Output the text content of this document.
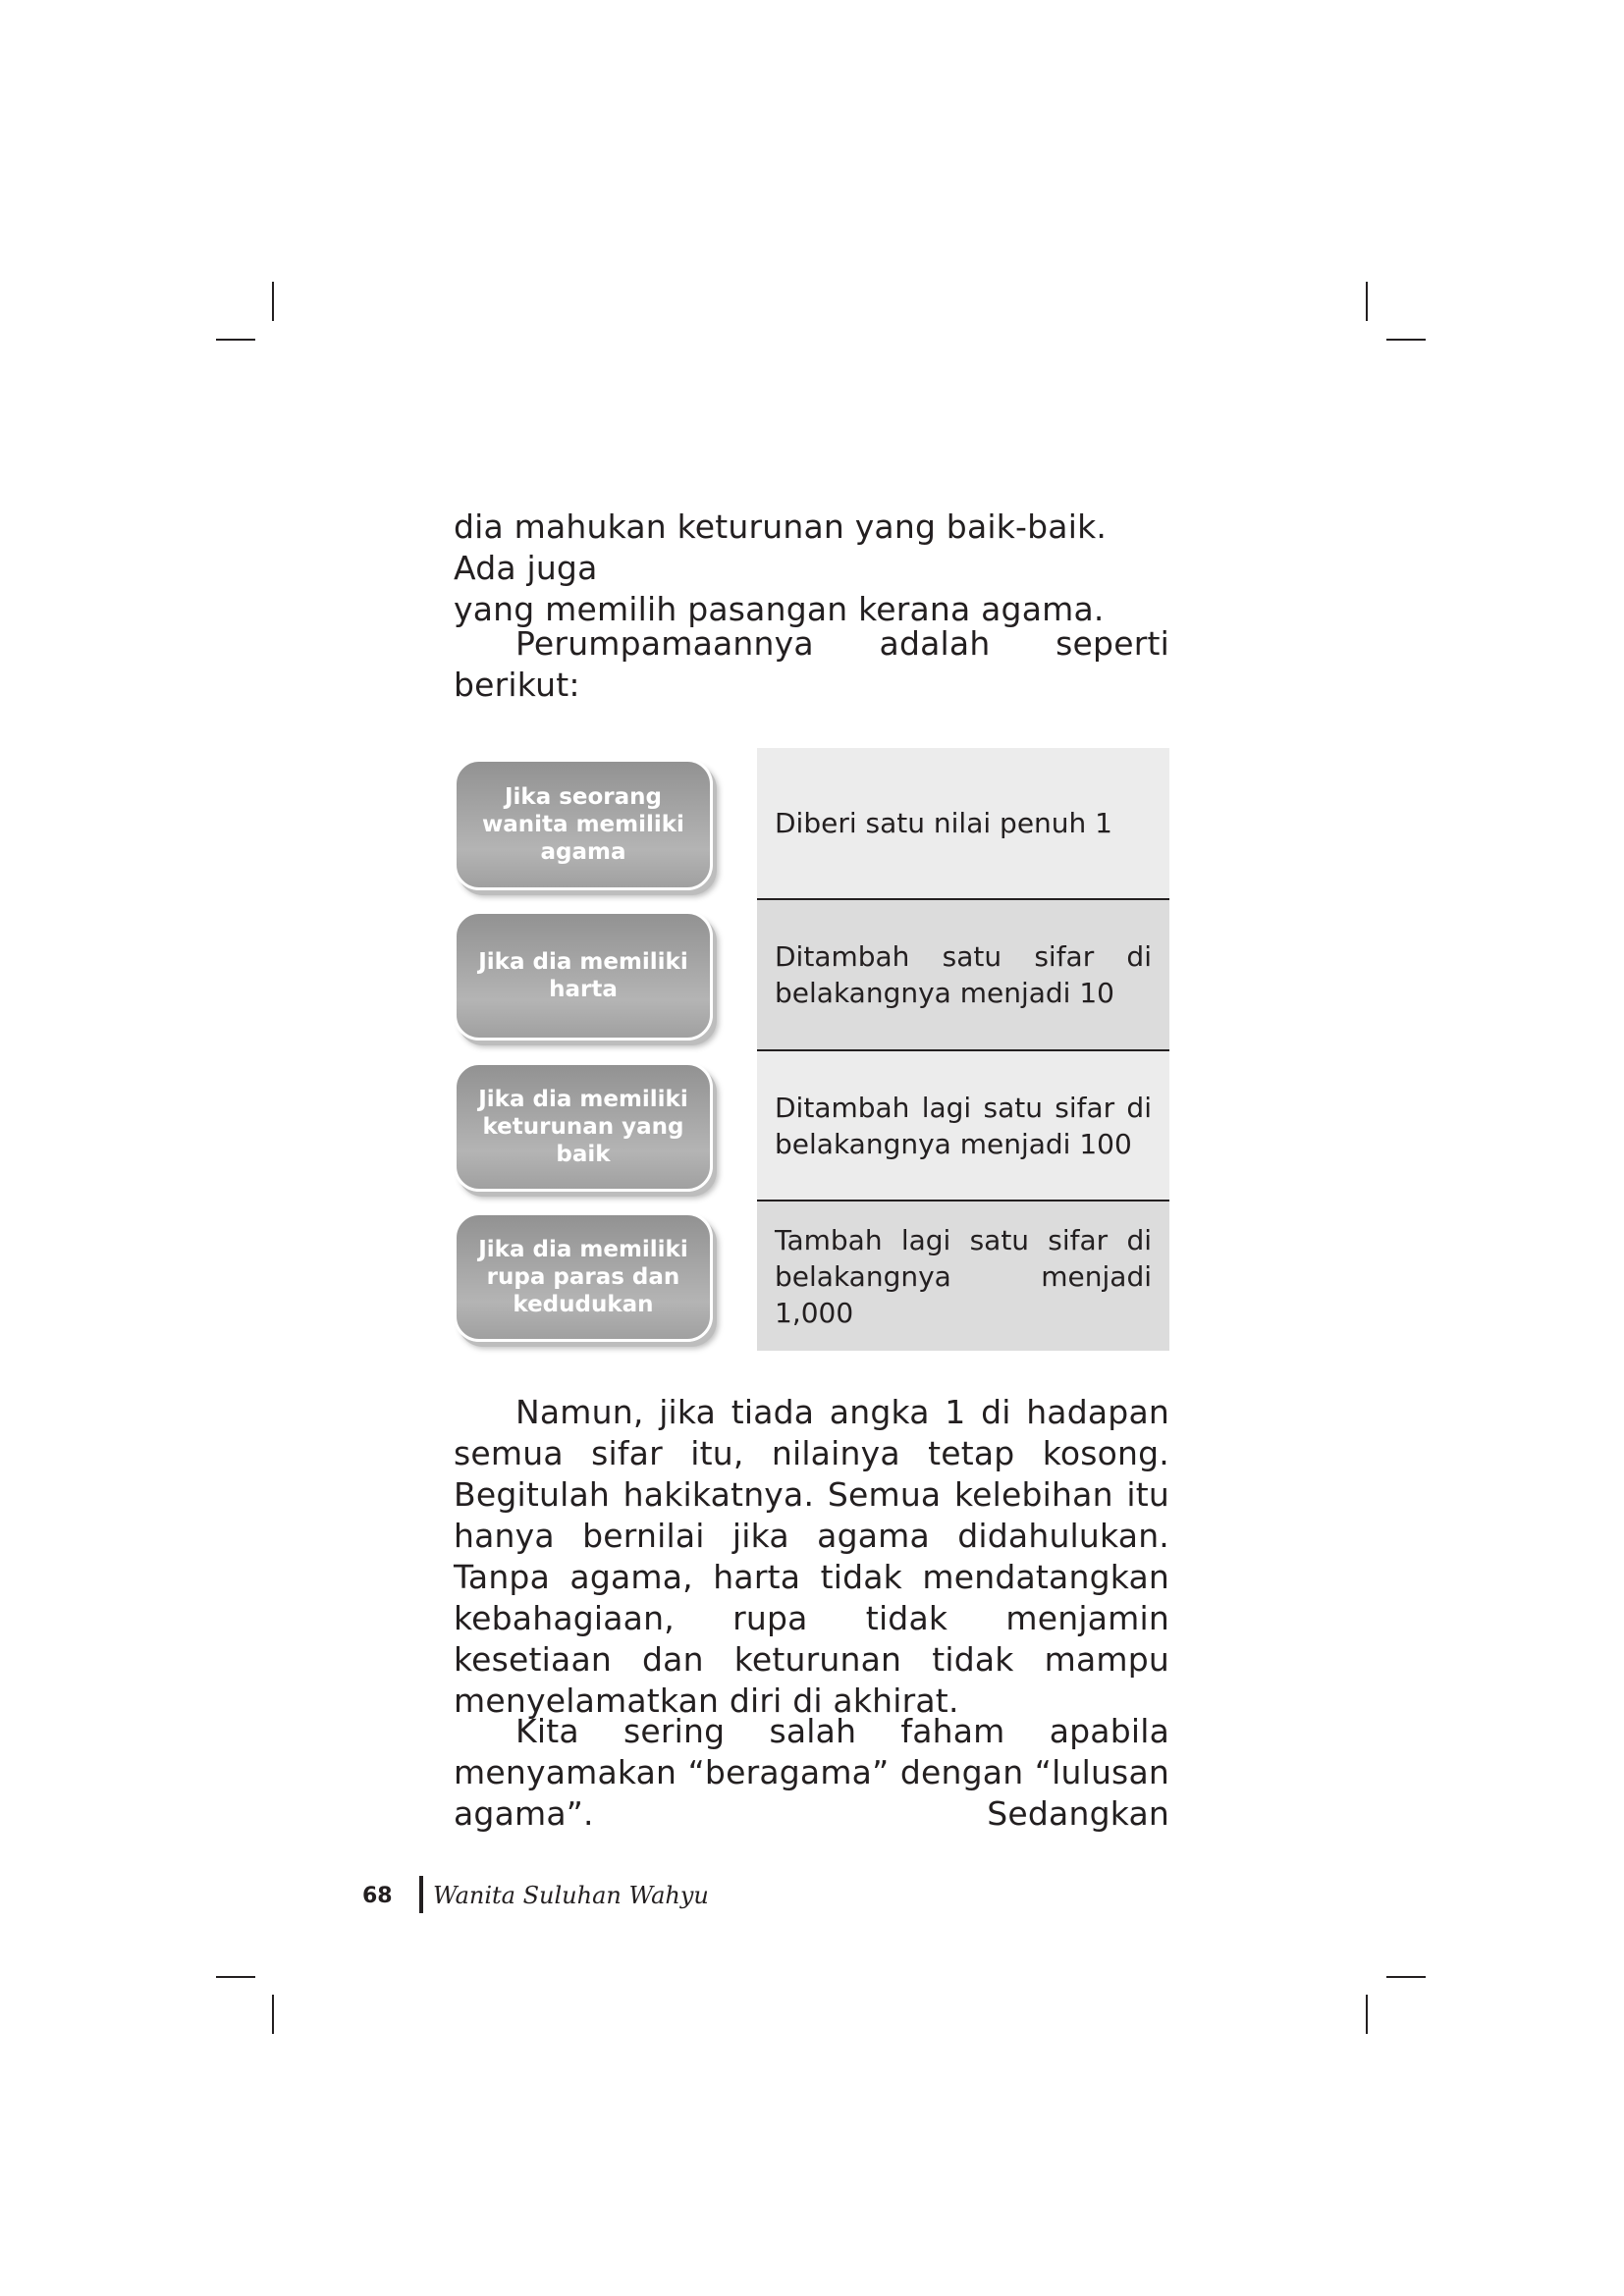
dia mahukan keturunan yang baik-baik. Ada juga
yang memilih pasangan kerana agama.

Perumpamaannya adalah seperti berikut:

Jika seorang
wanita memiliki
agama
Diberi satu nilai penuh 1
Jika dia memiliki
harta
Ditambah satu sifar di belakangnya menjadi 10
Jika dia memiliki
keturunan yang
baik
Ditambah lagi satu sifar di belakangnya menjadi 100
Jika dia memiliki
rupa paras dan
kedudukan
Tambah lagi satu sifar di belakangnya menjadi 1,000

Namun, jika tiada angka 1 di hadapan semua sifar itu, nilainya tetap kosong. Begitulah hakikatnya. Semua kelebihan itu hanya bernilai jika agama didahulukan. Tanpa agama, harta tidak mendatangkan kebahagiaan, rupa tidak menjamin kesetiaan dan keturunan tidak mampu menyelamatkan diri di akhirat.

Kita sering salah faham apabila menyamakan “beragama” dengan “lulusan agama”. Sedangkan

68 Wanita Suluhan Wahyu
